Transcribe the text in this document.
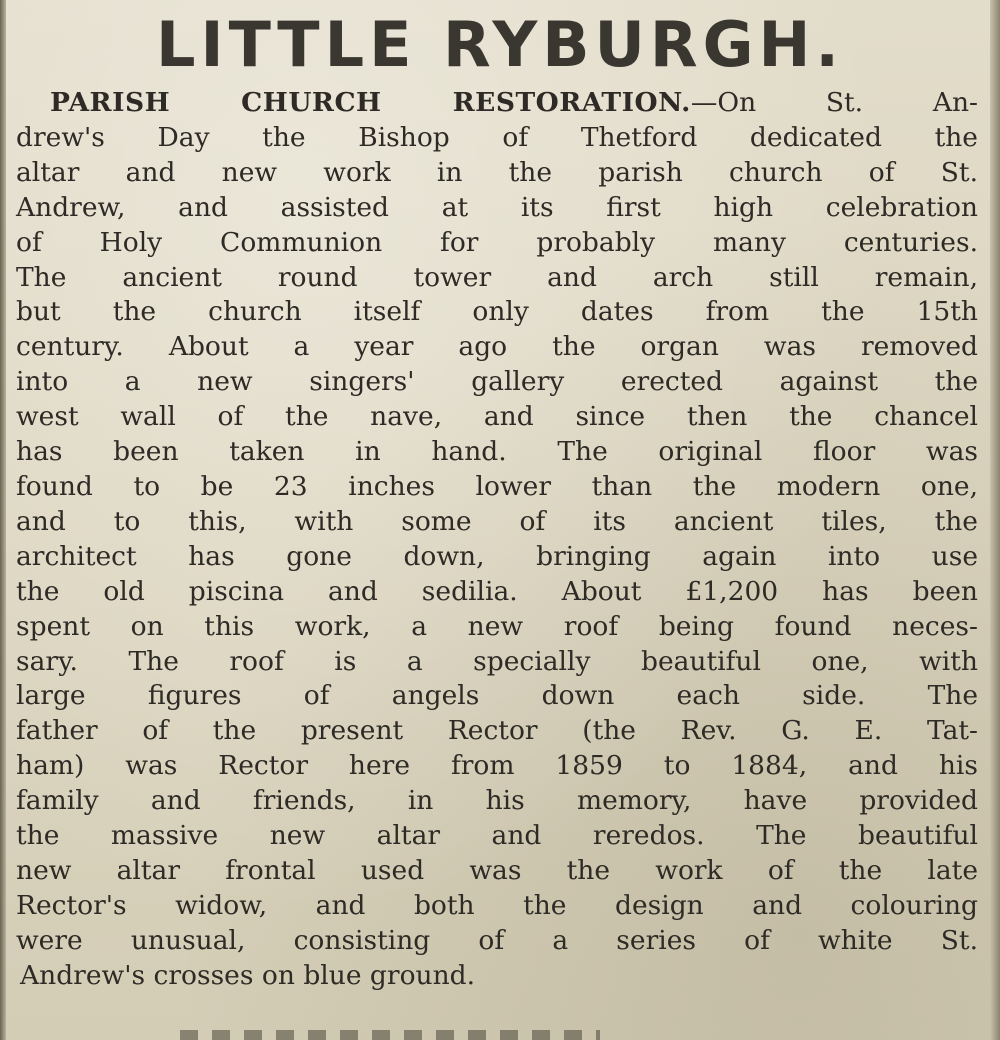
LITTLE RYBURGH.
PARISH CHURCH RESTORATION.—On St. An-
drew's Day the Bishop of Thetford dedicated the
altar and new work in the parish church of St.
Andrew, and assisted at its first high celebration
of Holy Communion for probably many centuries.
The ancient round tower and arch still remain,
but the church itself only dates from the 15th
century. About a year ago the organ was removed
into a new singers' gallery erected against the
west wall of the nave, and since then the chancel
has been taken in hand. The original floor was
found to be 23 inches lower than the modern one,
and to this, with some of its ancient tiles, the
architect has gone down, bringing again into use
the old piscina and sedilia. About £1,200 has been
spent on this work, a new roof being found neces-
sary. The roof is a specially beautiful one, with
large figures of angels down each side. The
father of the present Rector (the Rev. G. E. Tat-
ham) was Rector here from 1859 to 1884, and his
family and friends, in his memory, have provided
the massive new altar and reredos. The beautiful
new altar frontal used was the work of the late
Rector's widow, and both the design and colouring
were unusual, consisting of a series of white St.
Andrew's crosses on blue ground.
